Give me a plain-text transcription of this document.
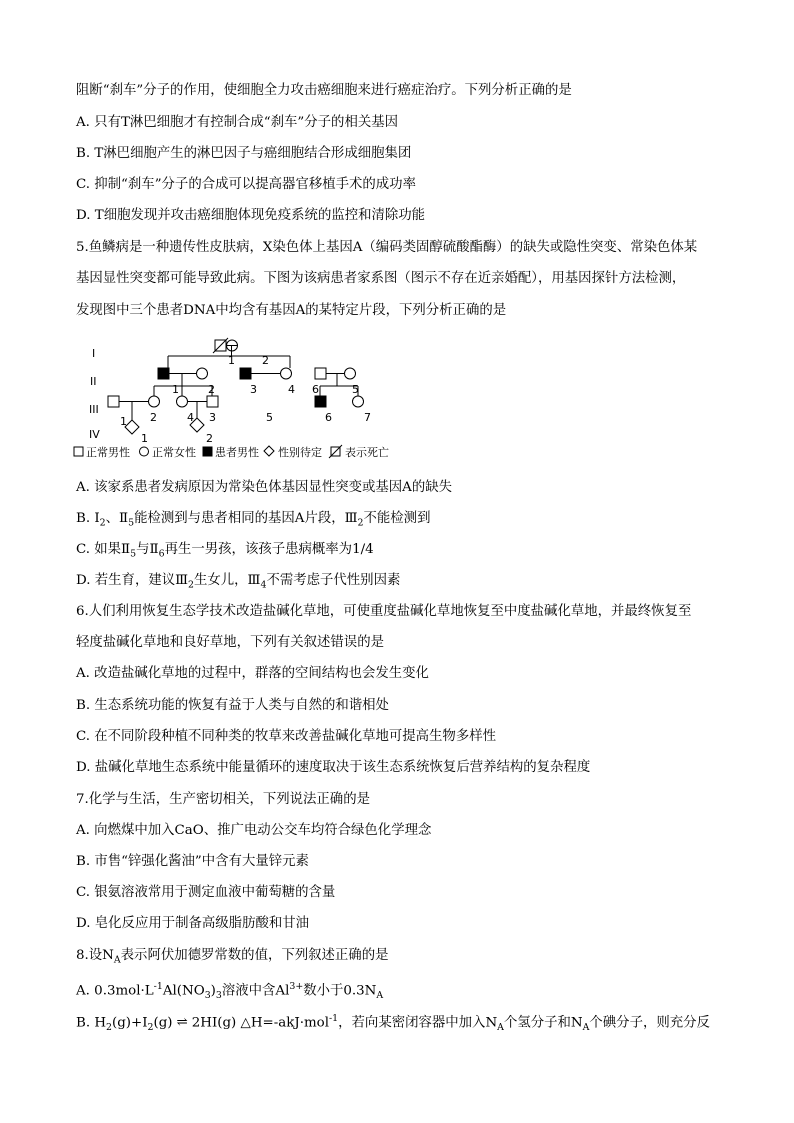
阻断“刹车”分子的作用，使细胞全力攻击癌细胞来进行癌症治疗。下列分析正确的是
A. 只有T淋巴细胞才有控制合成“刹车”分子的相关基因
B. T淋巴细胞产生的淋巴因子与癌细胞结合形成细胞集团
C. 抑制“刹车”分子的合成可以提高器官移植手术的成功率
D. T细胞发现并攻击癌细胞体现免疫系统的监控和清除功能
5.鱼鳞病是一种遗传性皮肤病，X染色体上基因A（编码类固醇硫酸酯酶）的缺失或隐性突变、常染色体某
基因显性突变都可能导致此病。下图为该病患者家系图（图示不存在近亲婚配），用基因探针方法检测，
发现图中三个患者DNA中均含有基因A的某特定片段，下列分析正确的是
I
II
III
IV
1 2
1	2	3	4 6	5
1 2	4 3	5	6	7
1	2
正常男性 正常女性 患者男性 性别待定 表示死亡
A. 该家系患者发病原因为常染色体基因显性突变或基因A的缺失
B. $Ⅰ_2$、$Ⅱ_5$能检测到与患者相同的基因A片段，$Ⅲ_2$不能检测到
C. 如果$Ⅱ_5$与$Ⅱ_6$再生一男孩，该孩子患病概率为1/4
D. 若生育，建议$Ⅲ_2$生女儿，$Ⅲ_4$不需考虑子代性别因素
6.人们利用恢复生态学技术改造盐碱化草地，可使重度盐碱化草地恢复至中度盐碱化草地，并最终恢复至
轻度盐碱化草地和良好草地，下列有关叙述错误的是
A. 改造盐碱化草地的过程中，群落的空间结构也会发生变化
B. 生态系统功能的恢复有益于人类与自然的和谐相处
C. 在不同阶段种植不同种类的牧草来改善盐碱化草地可提高生物多样性
D. 盐碱化草地生态系统中能量循环的速度取决于该生态系统恢复后营养结构的复杂程度
7.化学与生活，生产密切相关，下列说法正确的是
A. 向燃煤中加入CaO、推广电动公交车均符合绿色化学理念
B. 市售“锌强化酱油”中含有大量锌元素
C. 银氨溶液常用于测定血液中葡萄糖的含量
D. 皂化反应用于制备高级脂肪酸和甘油
8.设$N_A$表示阿伏加德罗常数的值，下列叙述正确的是
A. $0.3mol\cdot L^{-1}Al(NO_3)_3$溶液中含$Al^{3+}$数小于$0.3N_A$
B. $H_2(g)+I_2(g)$ ⇌ 2HI(g) △H=-akJ·mol$^{-1}$，若向某密闭容器中加入$N_A$个氢分子和$N_A$个碘分子，则充分反
